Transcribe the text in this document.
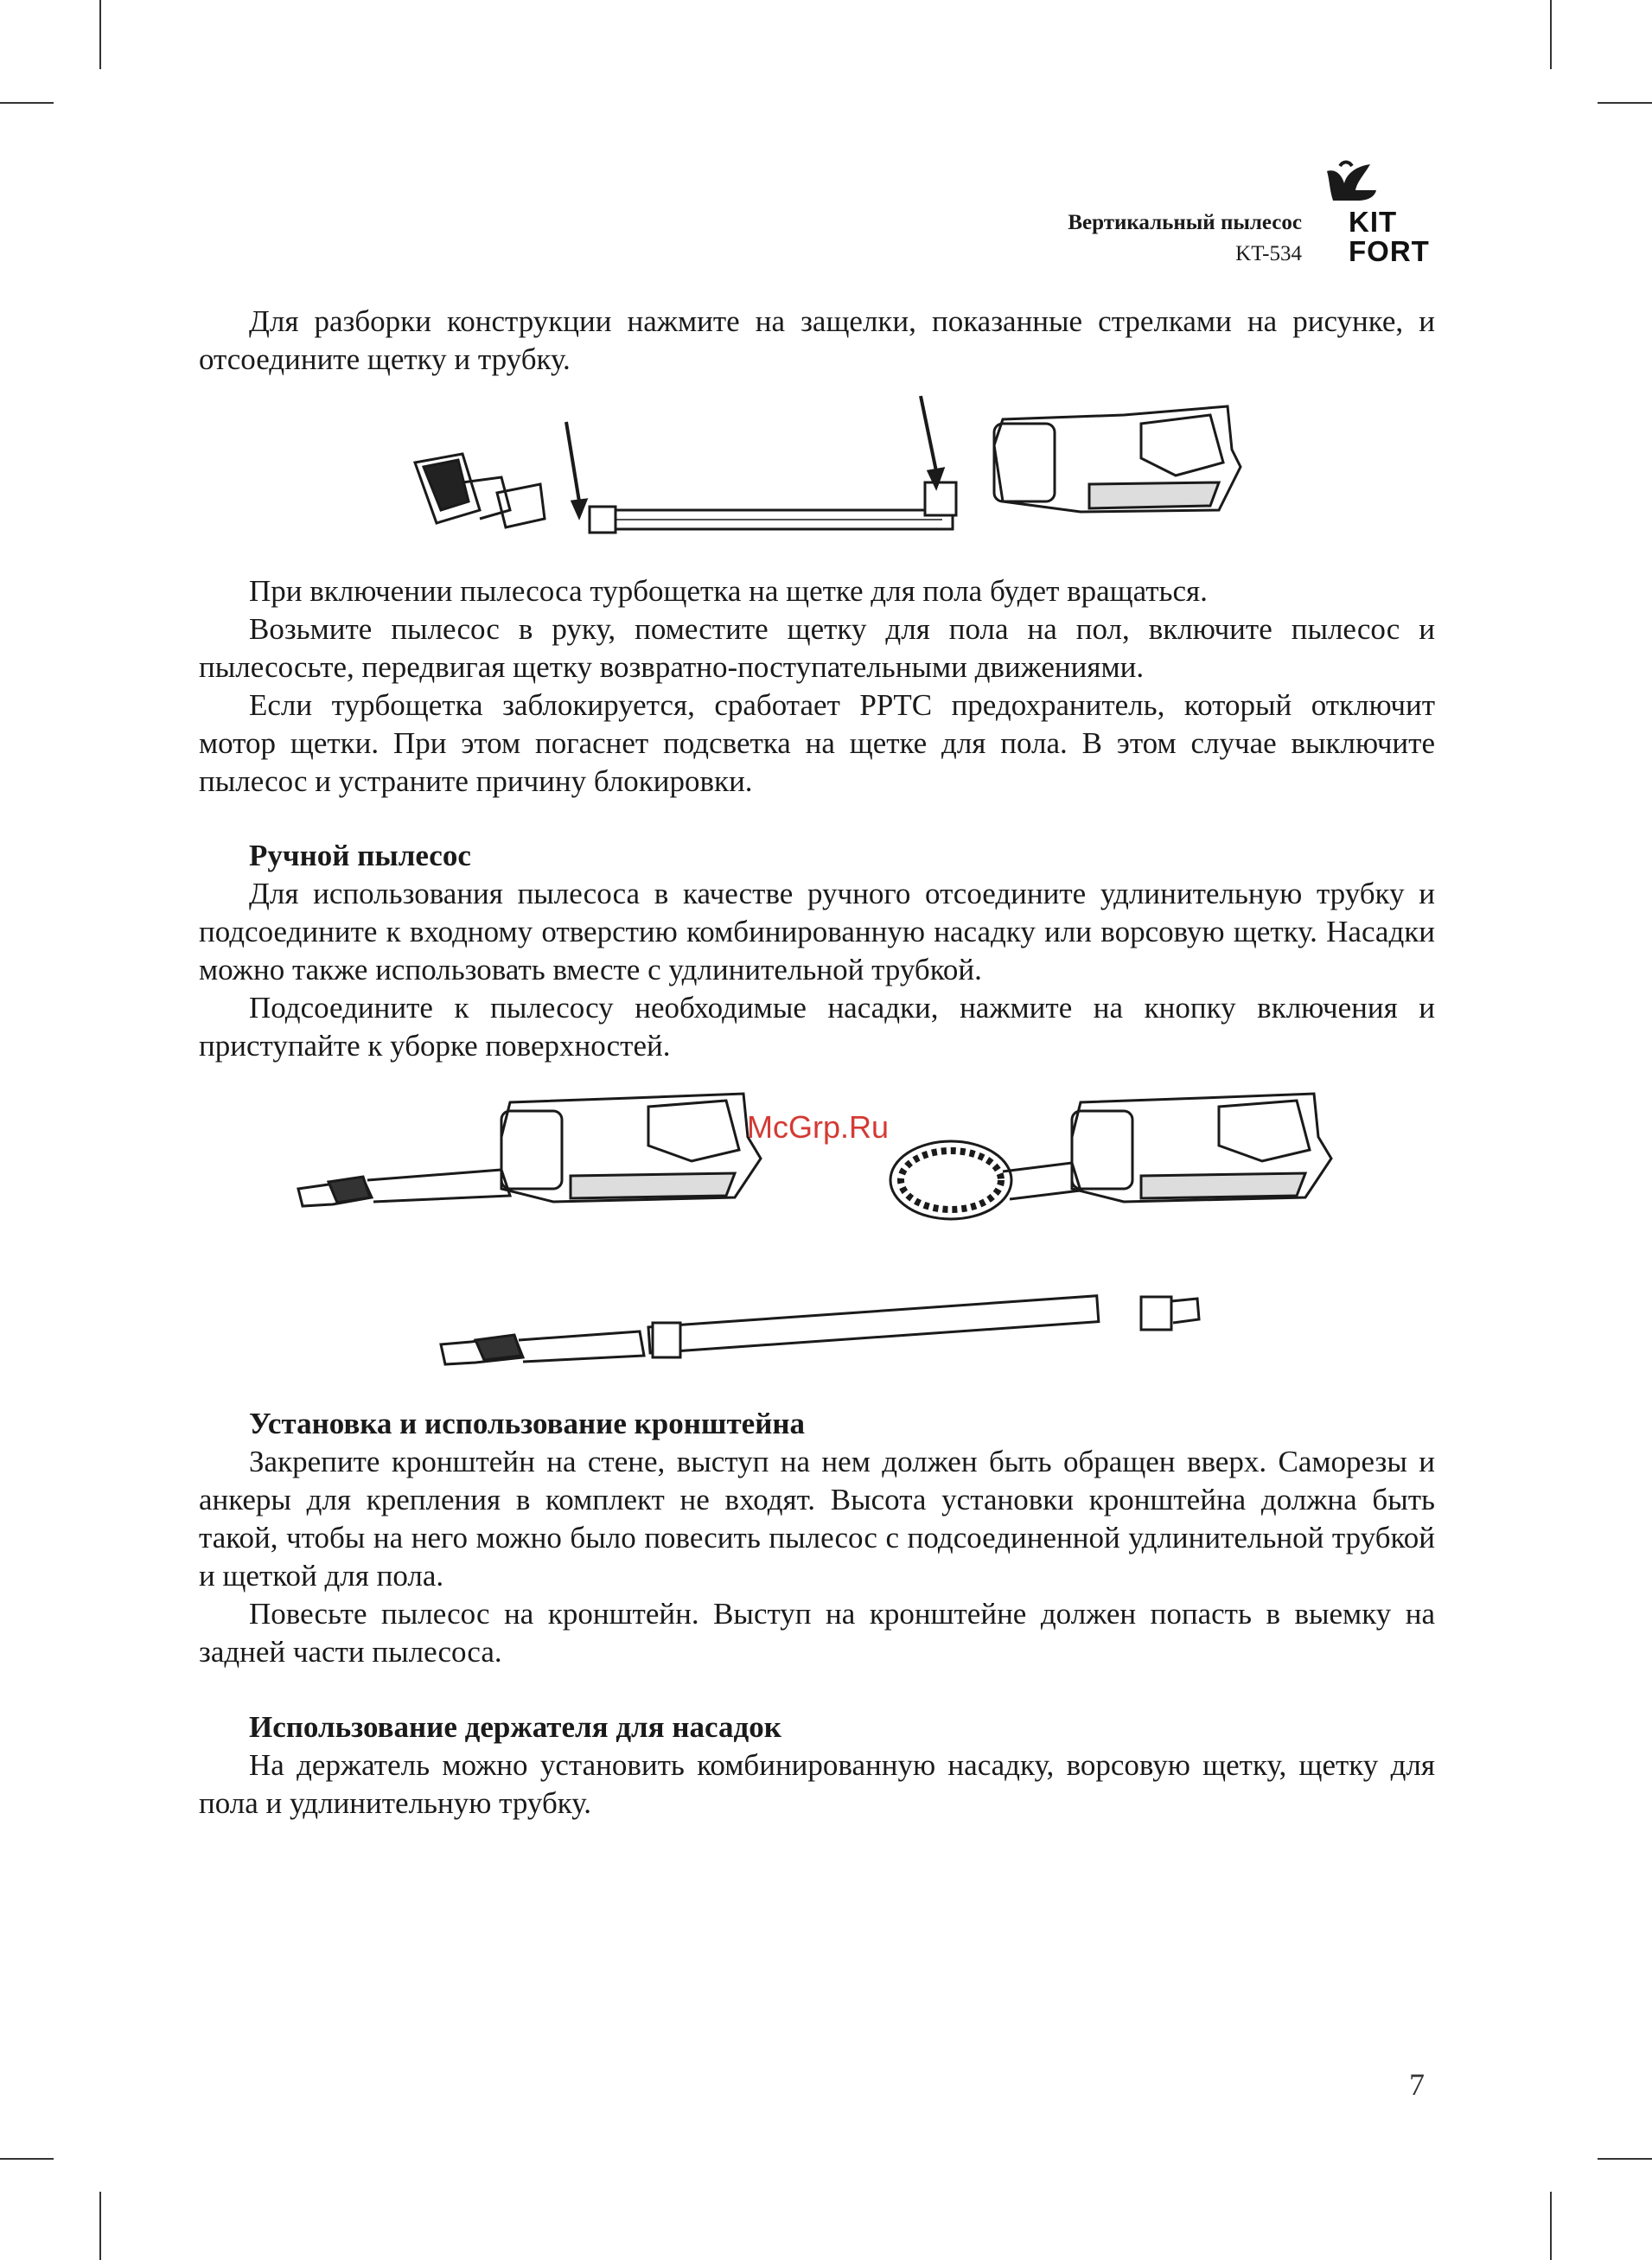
Вертикальный пылесос
KT-534
KIT
FORT

Для разборки конструкции нажмите на защелки, показанные стрелками на рисунке, и отсоедините щетку и трубку.

При включении пылесоса турбощетка на щетке для пола будет вращаться.

Возьмите пылесос в руку, поместите щетку для пола на пол, включите пылесос и пылесосьте, передвигая щетку возвратно-поступательными движениями.

Если турбощетка заблокируется, сработает PPTC предохранитель, который отключит мотор щетки. При этом погаснет подсветка на щетке для пола. В этом случае выключите пылесос и устраните причину блокировки.

Ручной пылесос

Для использования пылесоса в качестве ручного отсоедините удлинительную трубку и подсоедините к входному отверстию комбинированную насадку или ворсовую щетку. Насадки можно также использовать вместе с удлинительной трубкой.

Подсоедините к пылесосу необходимые насадки, нажмите на кнопку включения и приступайте к уборке поверхностей.

McGrp.Ru
Установка и использование кронштейна

Закрепите кронштейн на стене, выступ на нем должен быть обращен вверх. Саморезы и анкеры для крепления в комплект не входят. Высота установки кронштейна должна быть такой, чтобы на него можно было повесить пылесос с подсоединенной удлинительной трубкой и щеткой для пола.

Повесьте пылесос на кронштейн. Выступ на кронштейне должен попасть в выемку на задней части пылесоса.

Использование держателя для насадок

На держатель можно установить комбинированную насадку, ворсовую щетку, щетку для пола и удлинительную трубку.

7
